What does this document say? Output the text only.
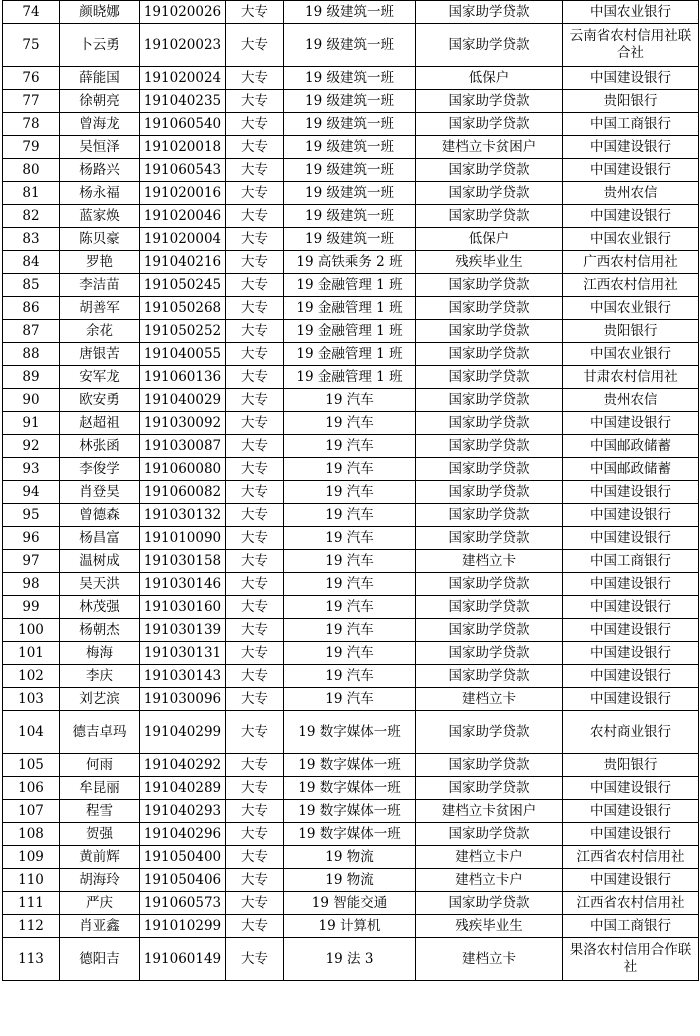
74	颜晓娜	191020026	大专	19 级建筑一班	国家助学贷款	中国农业银行
75	卜云勇	191020023	大专	19 级建筑一班	国家助学贷款	云南省农村信用社联合社
76	薛能国	191020024	大专	19 级建筑一班	低保户	中国建设银行
77	徐朝亮	191040235	大专	19 级建筑一班	国家助学贷款	贵阳银行
78	曾海龙	191060540	大专	19 级建筑一班	国家助学贷款	中国工商银行
79	吴恒泽	191020018	大专	19 级建筑一班	建档立卡贫困户	中国建设银行
80	杨路兴	191060543	大专	19 级建筑一班	国家助学贷款	中国建设银行
81	杨永福	191020016	大专	19 级建筑一班	国家助学贷款	贵州农信
82	蓝家焕	191020046	大专	19 级建筑一班	国家助学贷款	中国建设银行
83	陈贝豪	191020004	大专	19 级建筑一班	低保户	中国农业银行
84	罗艳	191040216	大专	19 高铁乘务 2 班	残疾毕业生	广西农村信用社
85	李洁苗	191050245	大专	19 金融管理 1 班	国家助学贷款	江西农村信用社
86	胡善军	191050268	大专	19 金融管理 1 班	国家助学贷款	中国农业银行
87	余花	191050252	大专	19 金融管理 1 班	国家助学贷款	贵阳银行
88	唐银苦	191040055	大专	19 金融管理 1 班	国家助学贷款	中国农业银行
89	安军龙	191060136	大专	19 金融管理 1 班	国家助学贷款	甘肃农村信用社
90	欧安勇	191040029	大专	19 汽车	国家助学贷款	贵州农信
91	赵超祖	191030092	大专	19 汽车	国家助学贷款	中国建设银行
92	林张函	191030087	大专	19 汽车	国家助学贷款	中国邮政储蓄
93	李俊学	191060080	大专	19 汽车	国家助学贷款	中国邮政储蓄
94	肖登昊	191060082	大专	19 汽车	国家助学贷款	中国建设银行
95	曾德森	191030132	大专	19 汽车	国家助学贷款	中国建设银行
96	杨昌富	191010090	大专	19 汽车	国家助学贷款	中国建设银行
97	温树成	191030158	大专	19 汽车	建档立卡	中国工商银行
98	吴天洪	191030146	大专	19 汽车	国家助学贷款	中国建设银行
99	林茂强	191030160	大专	19 汽车	国家助学贷款	中国建设银行
100	杨朝杰	191030139	大专	19 汽车	国家助学贷款	中国建设银行
101	梅海	191030131	大专	19 汽车	国家助学贷款	中国建设银行
102	李庆	191030143	大专	19 汽车	国家助学贷款	中国建设银行
103	刘艺滨	191030096	大专	19 汽车	建档立卡	中国建设银行
104	德吉卓玛	191040299	大专	19 数字媒体一班	国家助学贷款	农村商业银行
105	何雨	191040292	大专	19 数字媒体一班	国家助学贷款	贵阳银行
106	牟昆丽	191040289	大专	19 数字媒体一班	国家助学贷款	中国建设银行
107	程雪	191040293	大专	19 数字媒体一班	建档立卡贫困户	中国建设银行
108	贺强	191040296	大专	19 数字媒体一班	国家助学贷款	中国建设银行
109	黄前辉	191050400	大专	19 物流	建档立卡户	江西省农村信用社
110	胡海玲	191050406	大专	19 物流	建档立卡户	中国建设银行
111	严庆	191060573	大专	19 智能交通	国家助学贷款	江西省农村信用社
112	肖亚鑫	191010299	大专	19 计算机	残疾毕业生	中国工商银行
113	德阳吉	191060149	大专	19 法 3	建档立卡	果洛农村信用合作联社
